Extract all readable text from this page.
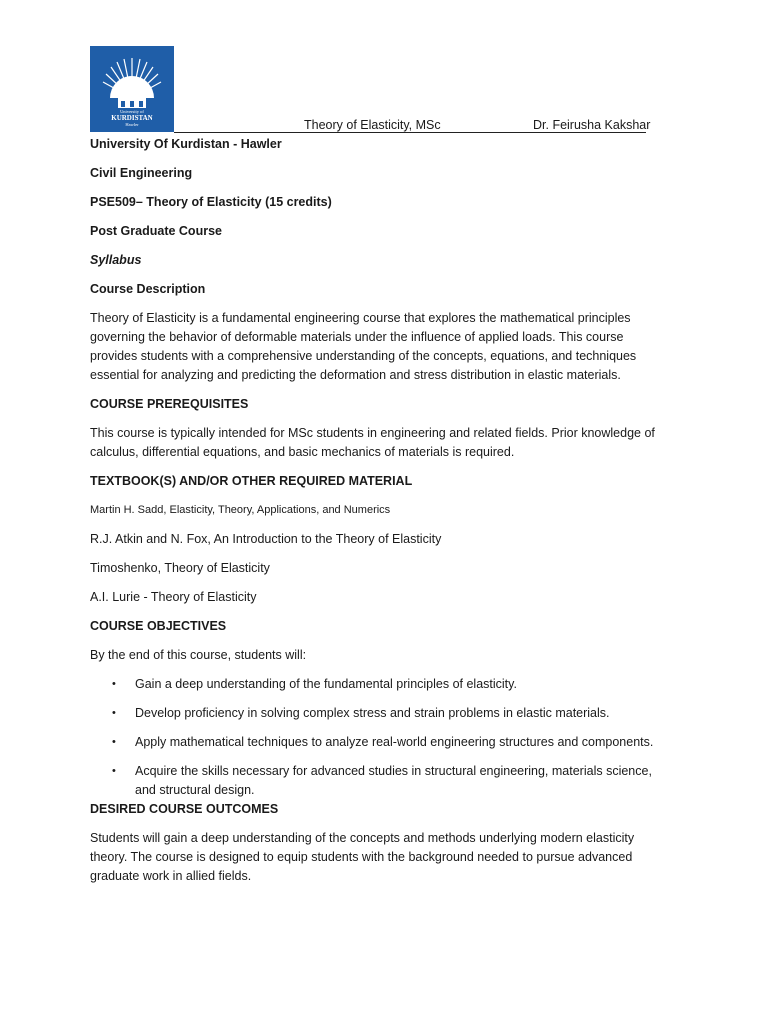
University of
KURDISTAN
Hawler	Theory of Elasticity, MSc	Dr. Feirusha Kakshar

University Of Kurdistan - Hawler

Civil Engineering

PSE509– Theory of Elasticity (15 credits)

Post Graduate Course

Syllabus

Course Description

Theory of Elasticity is a fundamental engineering course that explores the mathematical principles governing the behavior of deformable materials under the influence of applied loads. This course provides students with a comprehensive understanding of the concepts, equations, and techniques essential for analyzing and predicting the deformation and stress distribution in elastic materials.

COURSE PREREQUISITES

This course is typically intended for MSc students in engineering and related fields. Prior knowledge of calculus, differential equations, and basic mechanics of materials is required.

TEXTBOOK(S) AND/OR OTHER REQUIRED MATERIAL

Martin H. Sadd, Elasticity, Theory, Applications, and Numerics

R.J. Atkin and N. Fox, An Introduction to the Theory of Elasticity

Timoshenko, Theory of Elasticity

A.I. Lurie - Theory of Elasticity

COURSE OBJECTIVES

By the end of this course, students will:

• Gain a deep understanding of the fundamental principles of elasticity.
• Develop proficiency in solving complex stress and strain problems in elastic materials.
• Apply mathematical techniques to analyze real-world engineering structures and components.
• Acquire the skills necessary for advanced studies in structural engineering, materials science, and structural design.

DESIRED COURSE OUTCOMES

Students will gain a deep understanding of the concepts and methods underlying modern elasticity theory. The course is designed to equip students with the background needed to pursue advanced graduate work in allied fields.
